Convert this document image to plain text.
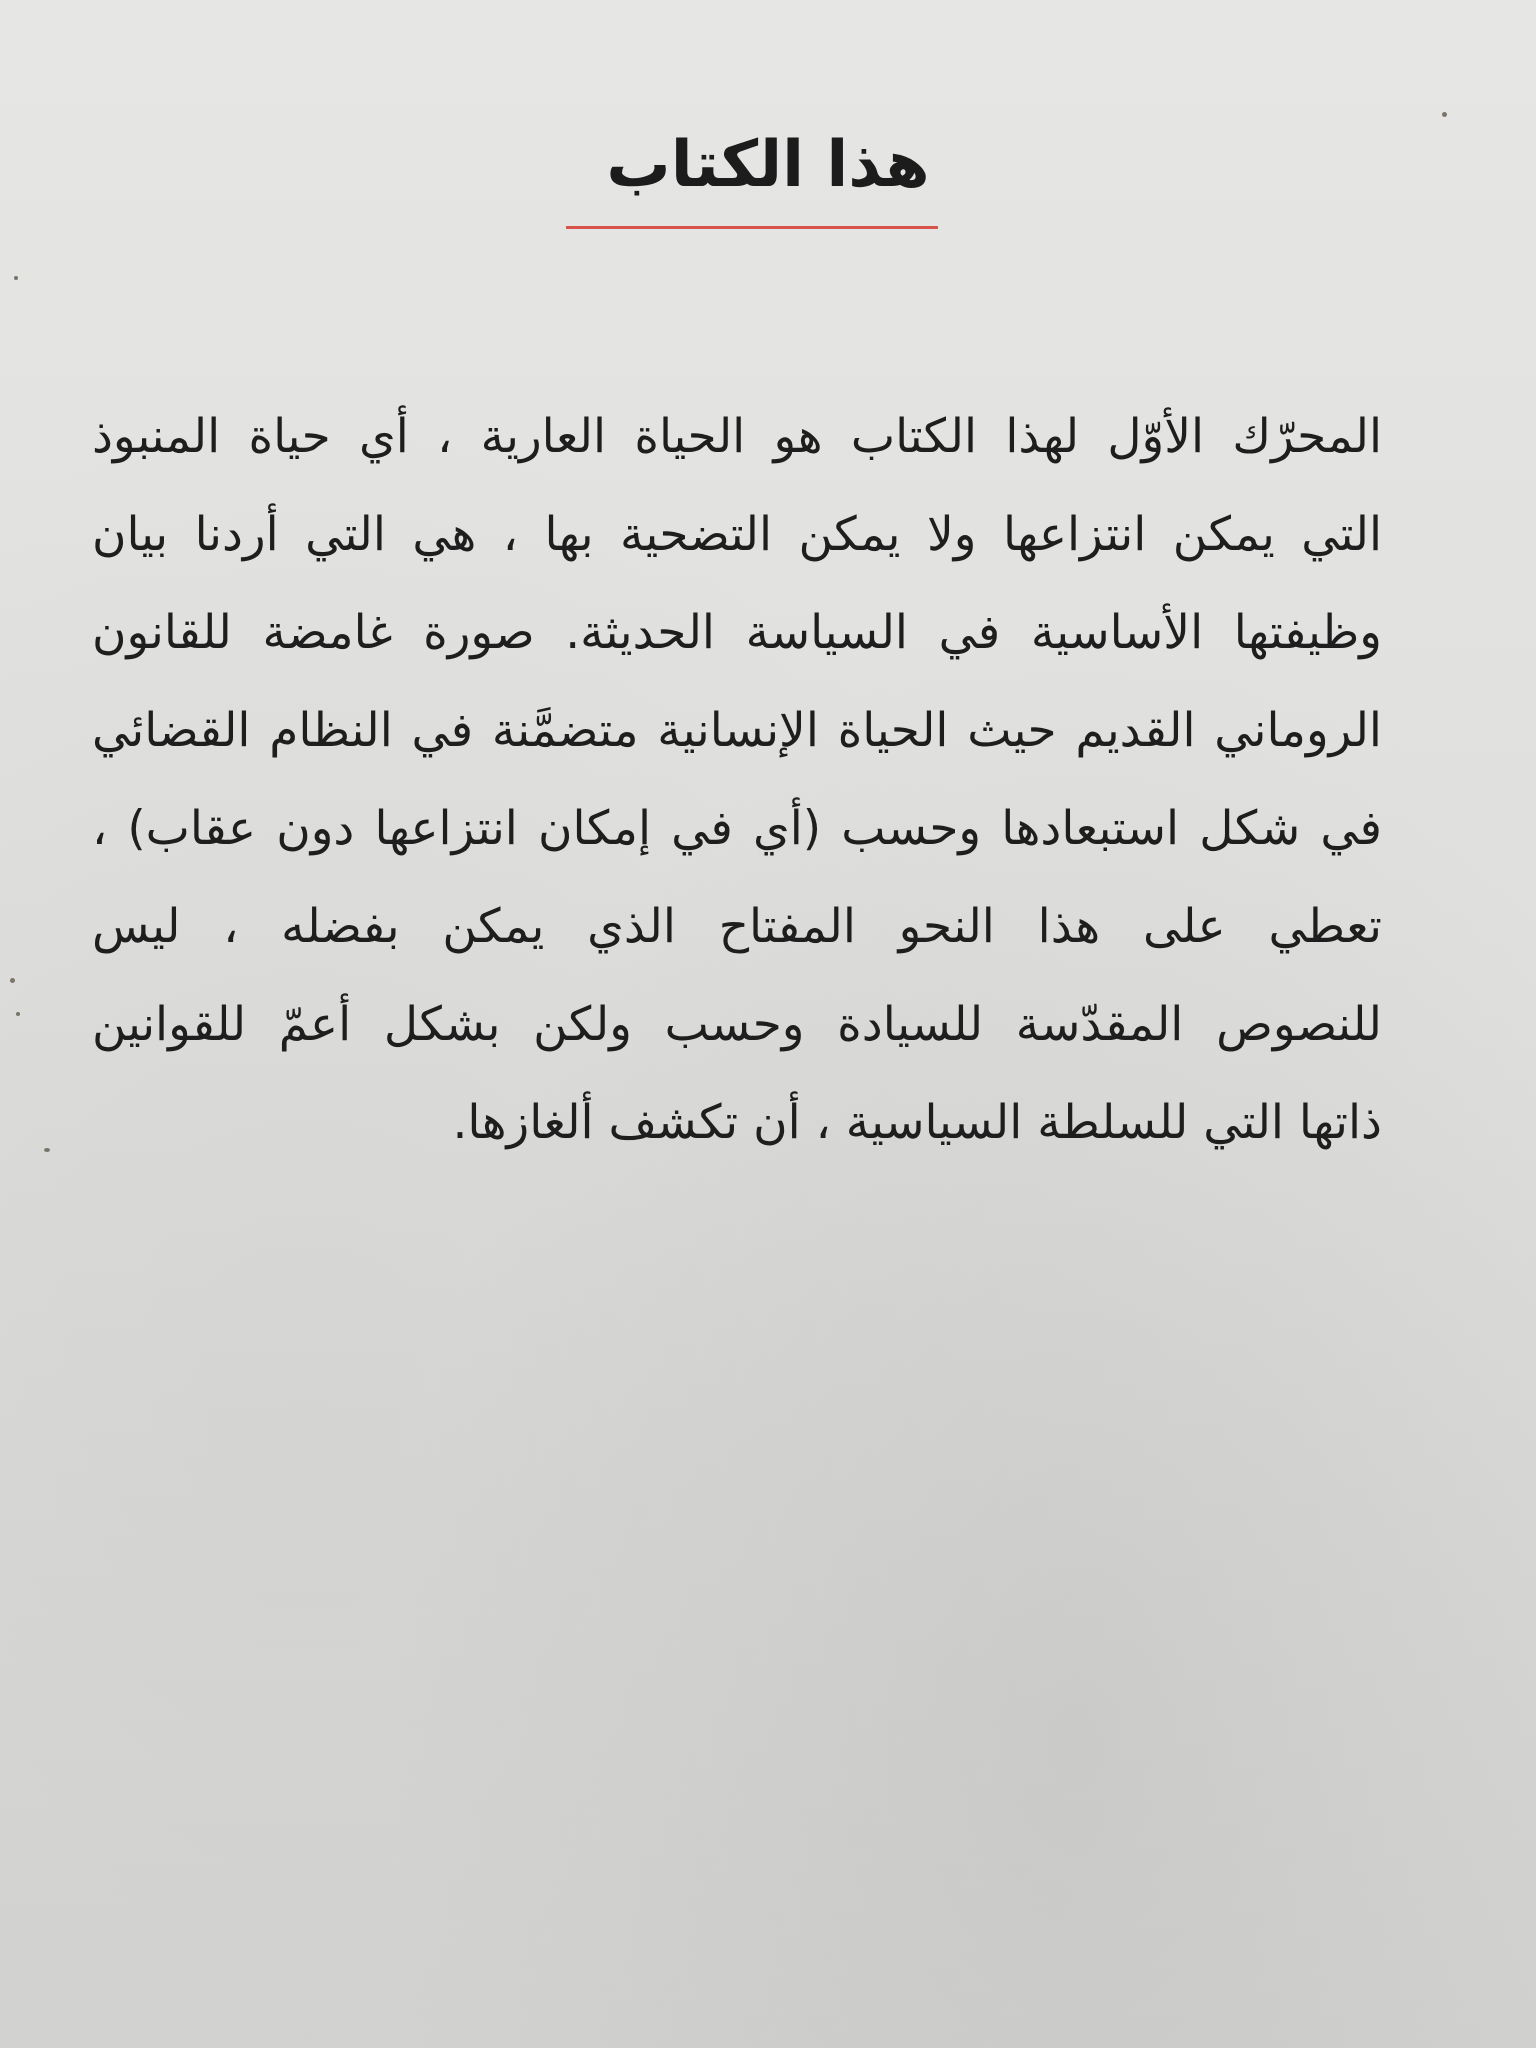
هذا الكتاب
المحرّك الأوّل لهذا الكتاب هو الحياة العارية ، أي حياة المنبوذ
التي يمكن انتزاعها ولا يمكن التضحية بها ، هي التي أردنا بيان
وظيفتها الأساسية في السياسة الحديثة. صورة غامضة للقانون
الروماني القديم حيث الحياة الإنسانية متضمَّنة في النظام القضائي
في شكل استبعادها وحسب (أي في إمكان انتزاعها دون عقاب) ،
تعطي على هذا النحو المفتاح الذي يمكن بفضله ، ليس
للنصوص المقدّسة للسيادة وحسب ولكن بشكل أعمّ للقوانين
ذاتها التي للسلطة السياسية ، أن تكشف ألغازها.
